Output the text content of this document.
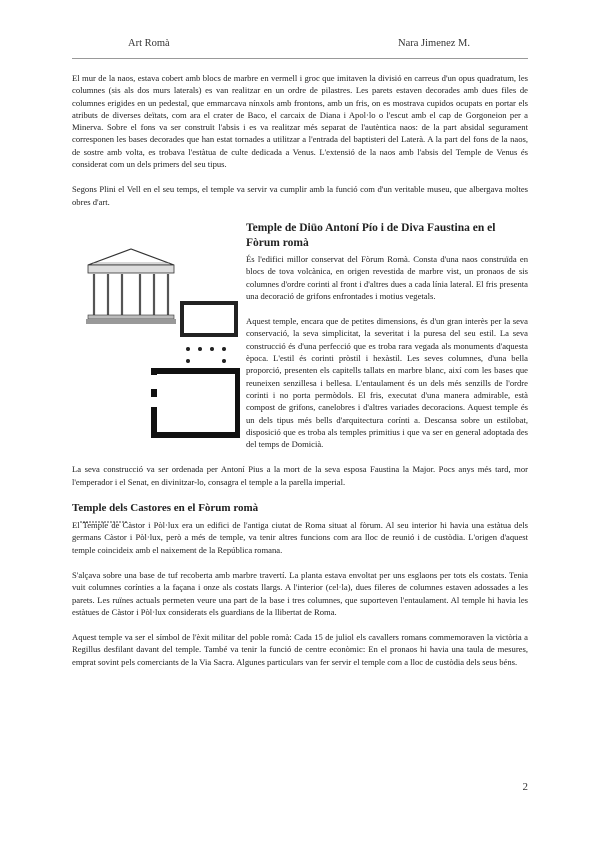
Art Romà	Nara Jimenez M.

El mur de la naos, estava cobert amb blocs de marbre en vermell i groc que imitaven la divisió en carreus d'un opus quadratum, les columnes (sis als dos murs laterals) es van realitzar en un ordre de pilastres. Les parets estaven decorades amb dues files de columnes erigides en un pedestal, que emmarcava nínxols amb frontons, amb un fris, on es mostrava cupidos ocupats en portar els atributs de diverses deïtats, com ara el crater de Baco, el carcaix de Diana i Apol·lo o l'escut amb el cap de Gorgoneion per a Minerva. Sobre el fons va ser construït l'absis i es va realitzar més separat de l'autèntica naos: de la part absidal segurament corresponen les bases decorades que han estat tornades a utilitzar a l'entrada del baptisteri del Laterà. A la part del fons de la naos, de sostre amb volta, es trobava l'estàtua de culte dedicada a Venus. L'extensió de la naos amb l'absis del Temple de Venus és considerat com un dels primers del seu tipus.

Segons Plini el Vell en el seu temps, el temple va servir va cumplir amb la funció com d'un veritable museu, que albergava moltes obres d'art.

Temple de Diüo Antoní Pío i de Diva Faustina en el Fòrum romà

És l'edifici millor conservat del Fòrum Romà. Consta d'una naos construïda en blocs de tova volcànica, en origen revestida de marbre vist, un pronaos de sis columnes d'ordre corinti al front i d'altres dues a cada línia lateral. El fris presenta una decoració de grifons enfrontades i motius vegetals.

Aquest temple, encara que de petites dimensions, és d'un gran interès per la seva conservació, la seva simplicitat, la severitat i la puresa del seu estil. La seva construcció és d'una perfecció que es troba rara vegada als monuments d'aquesta època. L'estil és corinti pròstil i hexàstil. Les seves columnes, d'una bella proporció, presenten els capitells tallats en marbre blanc, així com les bases que reuneixen senzillesa i bellesa. L'entaulament és un dels més senzills de l'ordre corinti i no porta permòdols. El fris, executat d'una manera admirable, està compost de grifons, canelobres i d'altres variades decoracions. Aquest temple és un dels tipus més bells d'arquitectura corínti a. Descansa sobre un estilobat, disposició que es troba als temples primitius i que va ser en general adoptada des del temps de Domicià.

La seva construcció va ser ordenada per Antoní Pius a la mort de la seva esposa Faustina la Major. Pocs anys més tard, mor l'emperador i el Senat, en divinitzar-lo, consagra el temple a la parella imperial.

Temple dels Castores en el Fòrum romà

El Temple de Càstor i Pòl·lux era un edifici de l'antiga ciutat de Roma situat al fòrum. Al seu interior hi havia una estàtua dels germans Càstor i Pòl·lux, però a més de temple, va tenir altres funcions com ara lloc de reunió i de custòdia. L'origen d'aquest temple coincideix amb el naixement de la República romana.

S'alçava sobre una base de tuf recoberta amb marbre travertí. La planta estava envoltat per uns esglaons per tots els costats. Tenia vuit columnes corínties a la façana i onze als costats llargs. A l'interior (cel·la), dues fileres de columnes estaven adossades a les parets. Les ruïnes actuals permeten veure una part de la base i tres columnes, que suporteven l'entaulament. Al temple hi havia les estàtues de Càstor i Pòl·lux considerats els guardians de la llibertat de Roma.

Aquest temple va ser el símbol de l'èxit militar del poble romà: Cada 15 de juliol els cavallers romans commemoraven la victòria a Regillus desfilant davant del temple. També va tenir la funció de centre econòmic: En el pronaos hi havia una taula de mesures, emprat sovint pels comerciants de la Via Sacra. Algunes particulars van fer servir el temple com a lloc de custòdia dels seus béns.

2
